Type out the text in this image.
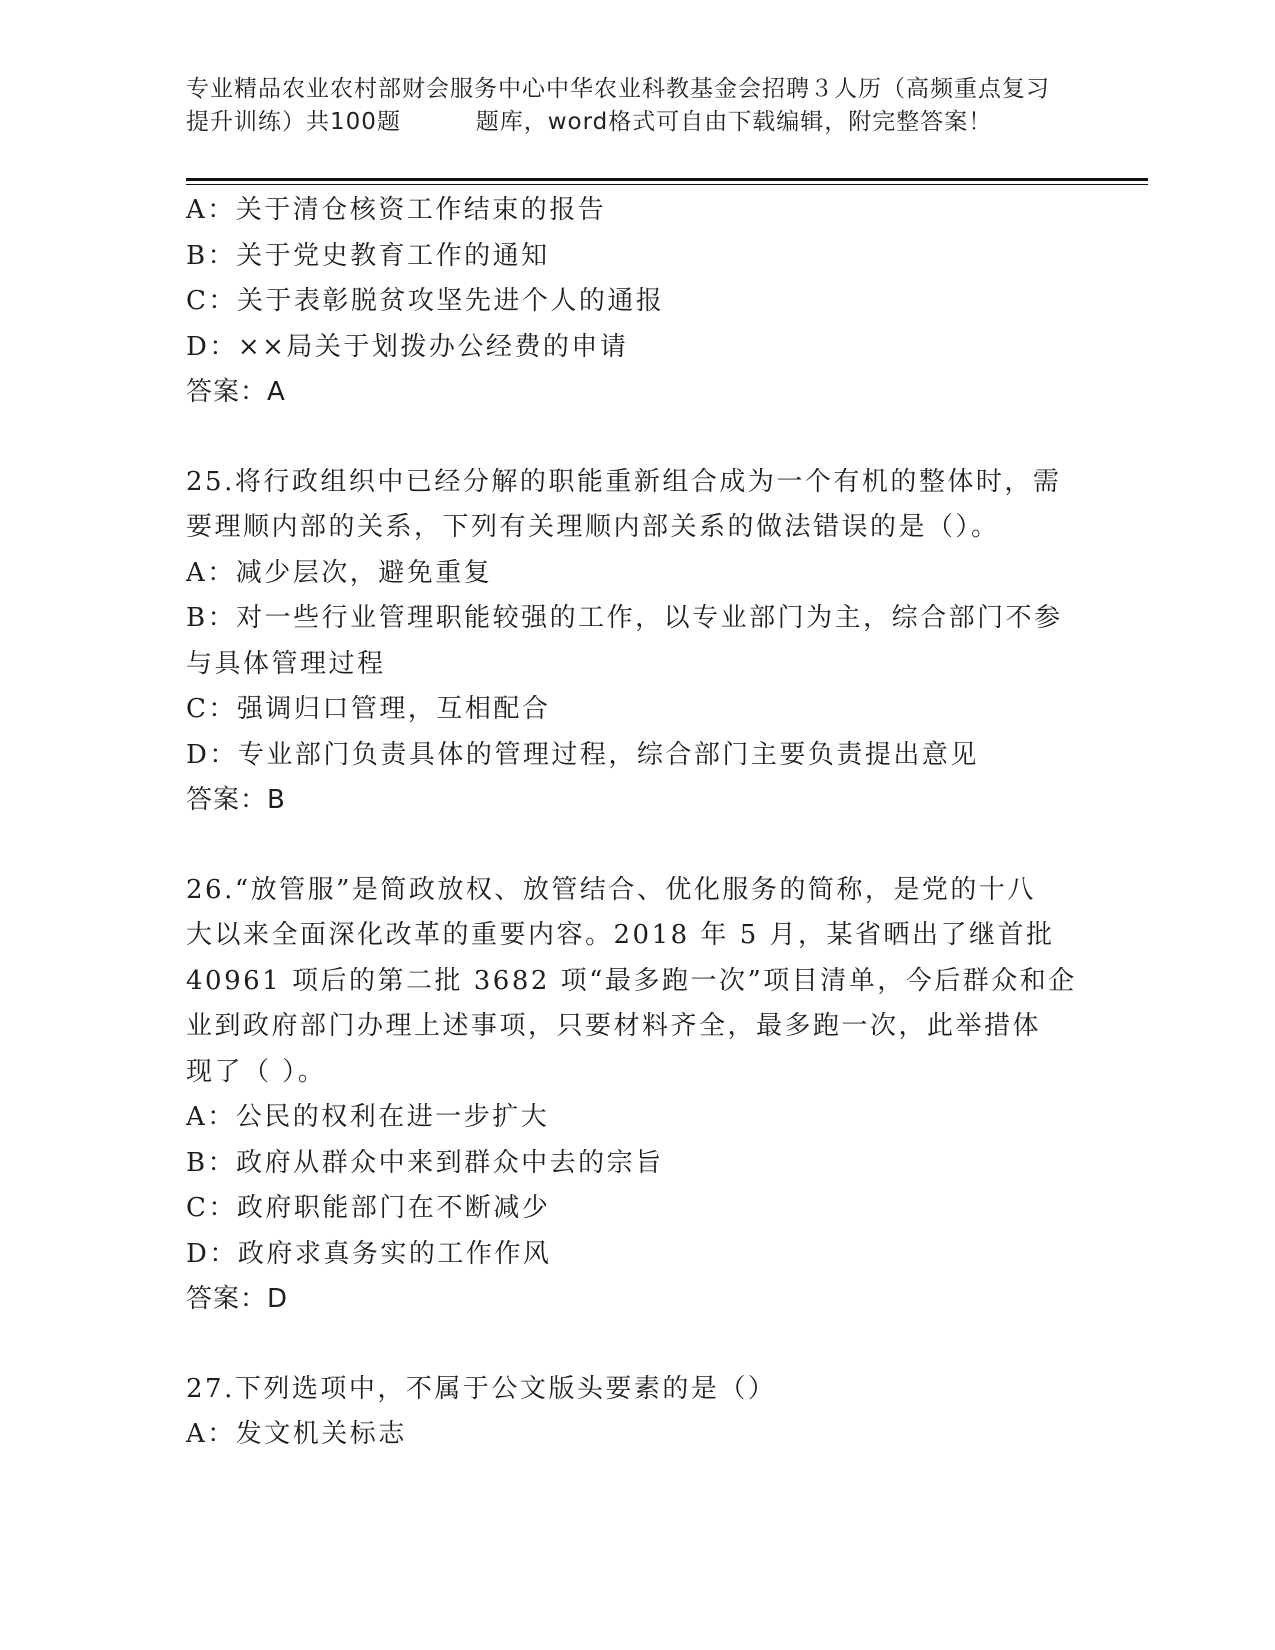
专业精品农业农村部财会服务中心中华农业科教基金会招聘３人历（高频重点复习
提升训练）共100题         题库，word格式可自由下载编辑，附完整答案！
A：关于清仓核资工作结束的报告
B：关于党史教育工作的通知
C：关于表彰脱贫攻坚先进个人的通报
D：××局关于划拨办公经费的申请
答案：A
25.将行政组织中已经分解的职能重新组合成为一个有机的整体时，需
要理顺内部的关系，下列有关理顺内部关系的做法错误的是（）。
A：减少层次，避免重复
B：对一些行业管理职能较强的工作，以专业部门为主，综合部门不参
与具体管理过程
C：强调归口管理，互相配合
D：专业部门负责具体的管理过程，综合部门主要负责提出意见
答案：B
26.“放管服”是简政放权、放管结合、优化服务的简称，是党的十八
大以来全面深化改革的重要内容。2018 年 5 月，某省晒出了继首批
40961 项后的第二批 3682 项“最多跑一次”项目清单，今后群众和企
业到政府部门办理上述事项，只要材料齐全，最多跑一次，此举措体
现了（ ）。
A：公民的权利在进一步扩大
B：政府从群众中来到群众中去的宗旨
C：政府职能部门在不断减少
D：政府求真务实的工作作风
答案：D
27.下列选项中，不属于公文版头要素的是（）
A：发文机关标志
